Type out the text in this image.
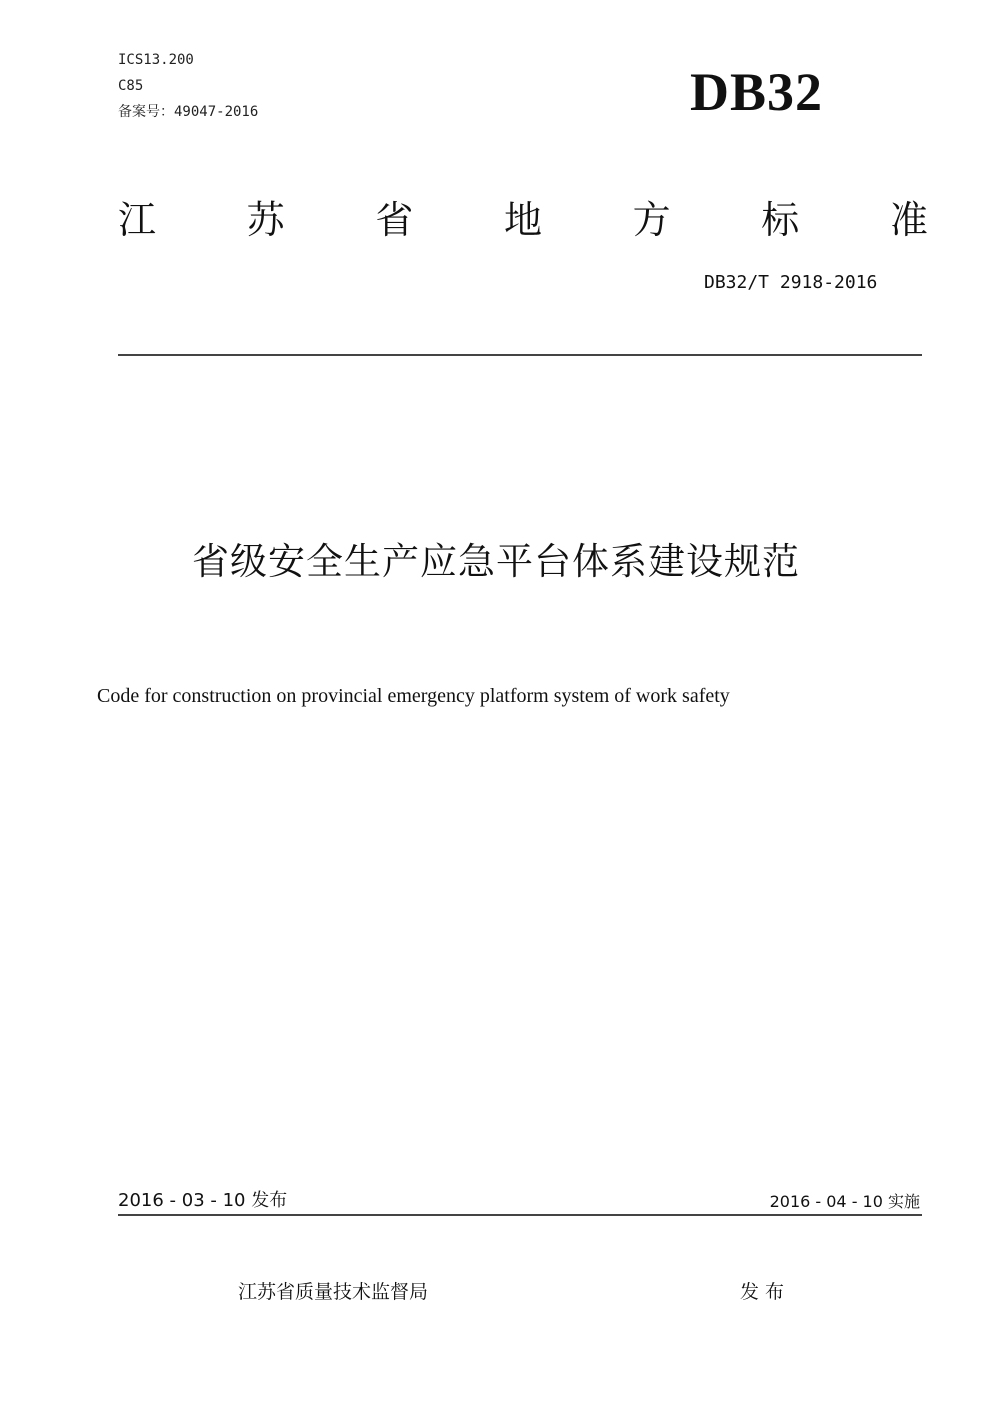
ICS13.200
C85
备案号：49047-2016	DB32
江 苏 省 地 方 标 准
DB32/T 2918-2016
省级安全生产应急平台体系建设规范
Code for construction on provincial emergency platform system of work safety
2016 - 03 - 10 发布	2016 - 04 - 10 实施
江苏省质量技术监督局	发 布
